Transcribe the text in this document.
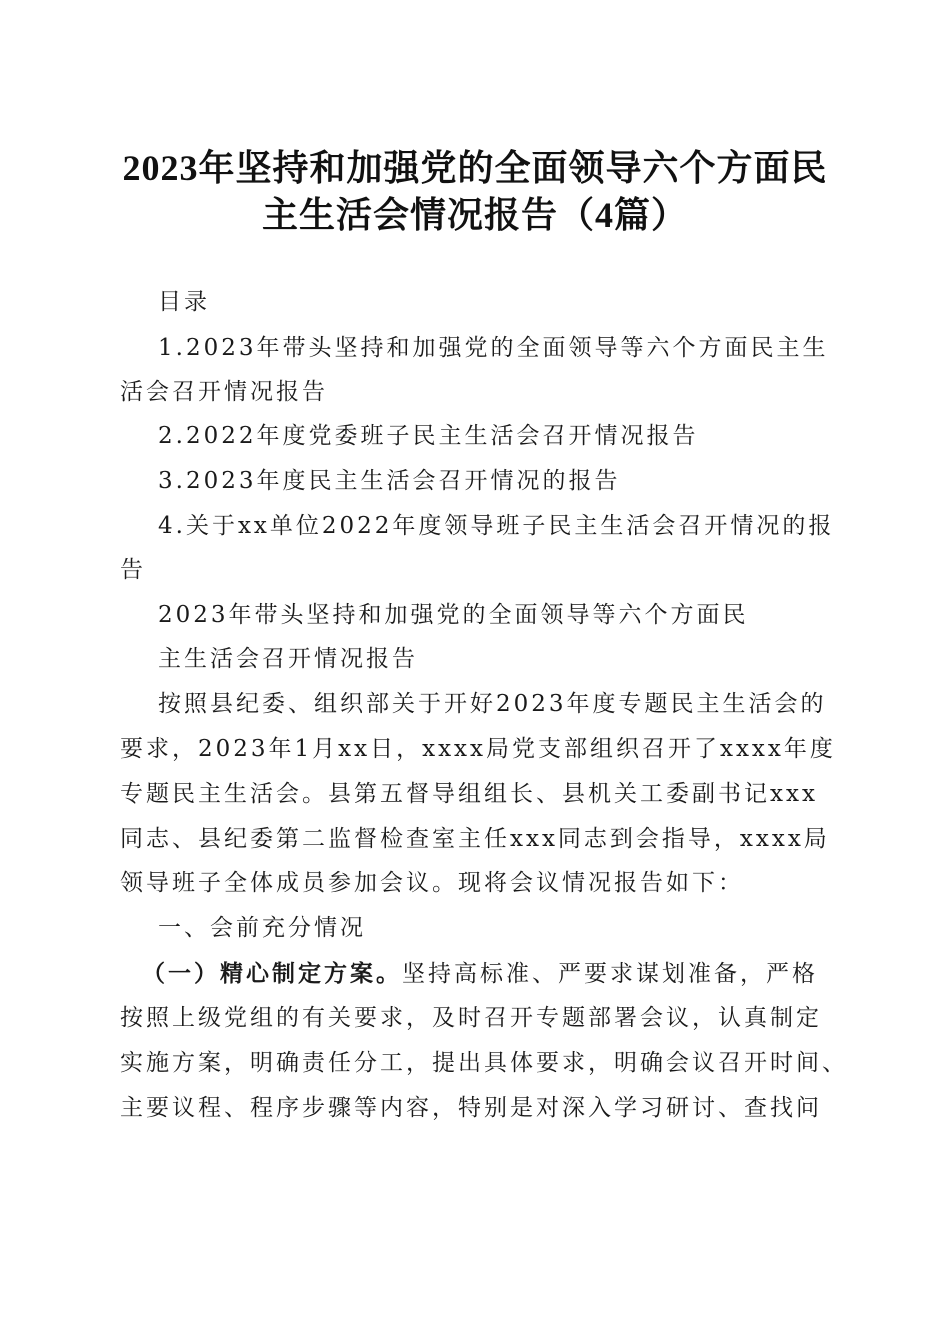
2023年坚持和加强党的全面领导六个方面民
主生活会情况报告（4篇）
目录
1.2023年带头坚持和加强党的全面领导等六个方面民主生
活会召开情况报告
2.2022年度党委班子民主生活会召开情况报告
3.2023年度民主生活会召开情况的报告
4.关于xx单位2022年度领导班子民主生活会召开情况的报
告
2023年带头坚持和加强党的全面领导等六个方面民
主生活会召开情况报告
按照县纪委、组织部关于开好2023年度专题民主生活会的
要求，2023年1月xx日，xxxx局党支部组织召开了xxxx年度
专题民主生活会。县第五督导组组长、县机关工委副书记xxx
同志、县纪委第二监督检查室主任xxx同志到会指导，xxxx局
领导班子全体成员参加会议。现将会议情况报告如下：
一、会前充分情况
（一）精心制定方案。坚持高标准、严要求谋划准备，严格
按照上级党组的有关要求，及时召开专题部署会议，认真制定
实施方案，明确责任分工，提出具体要求，明确会议召开时间、
主要议程、程序步骤等内容，特别是对深入学习研讨、查找问
